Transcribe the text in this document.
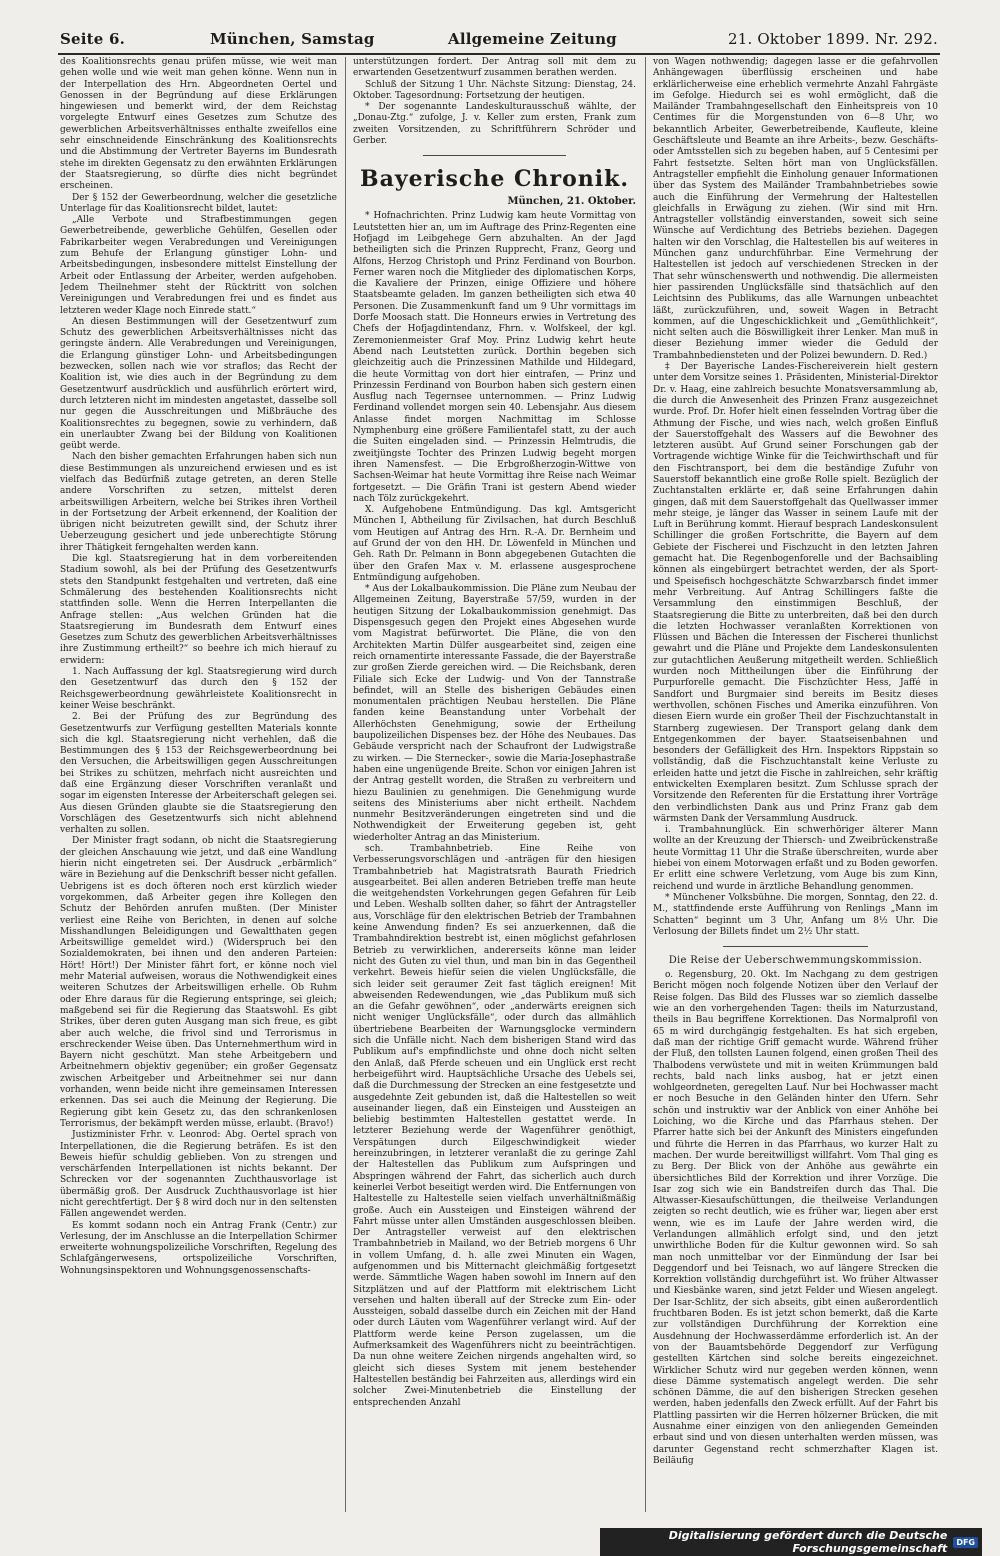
Seite 6.	München, Samstag	Allgemeine Zeitung	21. Oktober 1899. Nr. 292.

des Koalitionsrechts genau prüfen müsse, wie weit man gehen wolle und wie weit man gehen könne. Wenn nun in der Interpellation des Hrn. Abgeordneten Oertel und Genossen in der Begründung auf diese Erklärungen hingewiesen und bemerkt wird, der dem Reichstag vorgelegte Entwurf eines Gesetzes zum Schutze des gewerblichen Arbeitsverhältnisses enthalte zweifellos eine sehr einschneidende Einschränkung des Koalitionsrechts und die Abstimmung der Vertreter Bayerns im Bundesrath stehe im direkten Gegensatz zu den erwähnten Erklärungen der Staatsregierung, so dürfte dies nicht begründet erscheinen.

Der § 152 der Gewerbeordnung, welcher die gesetzliche Unterlage für das Koalitionsrecht bildet, lautet:

„Alle Verbote und Strafbestimmungen gegen Gewerbetreibende, gewerbliche Gehülfen, Gesellen oder Fabrikarbeiter wegen Verabredungen und Vereinigungen zum Behufe der Erlangung günstiger Lohn- und Arbeitsbedingungen, insbesondere mittelst Einstellung der Arbeit oder Entlassung der Arbeiter, werden aufgehoben. Jedem Theilnehmer steht der Rücktritt von solchen Vereinigungen und Verabredungen frei und es findet aus letzteren weder Klage noch Einrede statt.“

An diesen Bestimmungen will der Gesetzentwurf zum Schutz des gewerblichen Arbeitsverhältnisses nicht das geringste ändern. Alle Verabredungen und Vereinigungen, die Erlangung günstiger Lohn- und Arbeitsbedingungen bezwecken, sollen nach wie vor straflos; das Recht der Koalition ist, wie dies auch in der Begründung zu dem Gesetzentwurf ausdrücklich und ausführlich erörtert wird, durch letzteren nicht im mindesten angetastet, dasselbe soll nur gegen die Ausschreitungen und Mißbräuche des Koalitionsrechtes zu begegnen, sowie zu verhindern, daß ein unerlaubter Zwang bei der Bildung von Koalitionen geübt werde.

Nach den bisher gemachten Erfahrungen haben sich nun diese Bestimmungen als unzureichend erwiesen und es ist vielfach das Bedürfniß zutage getreten, an deren Stelle andere Vorschriften zu setzen, mittelst deren arbeitswilligen Arbeitern, welche bei Strikes ihren Vortheil in der Fortsetzung der Arbeit erkennend, der Koalition der übrigen nicht beizutreten gewillt sind, der Schutz ihrer Ueberzeugung gesichert und jede unberechtigte Störung ihrer Thätigkeit ferngehalten werden kann.

Die kgl. Staatsregierung hat in dem vorbereitenden Stadium sowohl, als bei der Prüfung des Gesetzentwurfs stets den Standpunkt festgehalten und vertreten, daß eine Schmälerung des bestehenden Koalitionsrechts nicht stattfinden solle. Wenn die Herren Interpellanten die Anfrage stellen: „Aus welchen Gründen hat die Staatsregierung im Bundesrath dem Entwurf eines Gesetzes zum Schutz des gewerblichen Arbeitsverhältnisses ihre Zustimmung ertheilt?“ so beehre ich mich hierauf zu erwidern:

1. Nach Auffassung der kgl. Staatsregierung wird durch den Gesetzentwurf das durch den § 152 der Reichsgewerbeordnung gewährleistete Koalitionsrecht in keiner Weise beschränkt.

2. Bei der Prüfung des zur Begründung des Gesetzentwurfs zur Verfügung gestellten Materials konnte sich die kgl. Staatsregierung nicht verhehlen, daß die Bestimmungen des § 153 der Reichsgewerbeordnung bei den Versuchen, die Arbeitswilligen gegen Ausschreitungen bei Strikes zu schützen, mehrfach nicht ausreichten und daß eine Ergänzung dieser Vorschriften veranlaßt und sogar im eigensten Interesse der Arbeiterschaft gelegen sei. Aus diesen Gründen glaubte sie die Staatsregierung den Vorschlägen des Gesetzentwurfs sich nicht ablehnend verhalten zu sollen.

Der Minister fragt sodann, ob nicht die Staatsregierung der gleichen Anschauung wie jetzt, und daß eine Wandlung hierin nicht eingetreten sei. Der Ausdruck „erbärmlich“ wäre in Beziehung auf die Denkschrift besser nicht gefallen. Uebrigens ist es doch öfteren noch erst kürzlich wieder vorgekommen, daß Arbeiter gegen ihre Kollegen den Schutz der Behörden anrufen mußten. (Der Minister verliest eine Reihe von Berichten, in denen auf solche Misshandlungen Beleidigungen und Gewaltthaten gegen Arbeitswillige gemeldet wird.) (Widerspruch bei den Sozialdemokraten, bei ihnen und den anderen Parteien: Hört! Hört!) Der Minister fährt fort, er könne noch viel mehr Material aufweisen, woraus die Nothwendigkeit eines weiteren Schutzes der Arbeitswilligen erhelle. Ob Ruhm oder Ehre daraus für die Regierung entspringe, sei gleich; maßgebend sei für die Regierung das Staatswohl. Es gibt Strikes, über deren guten Ausgang man sich freue, es gibt aber auch welche, die frivol sind und Terrorismus in erschreckender Weise üben. Das Unternehmerthum wird in Bayern nicht geschützt. Man stehe Arbeitgebern und Arbeitnehmern objektiv gegenüber; ein großer Gegensatz zwischen Arbeitgeber und Arbeitnehmer sei nur dann vorhanden, wenn beide nicht ihre gemeinsamen Interessen erkennen. Das sei auch die Meinung der Regierung. Die Regierung gibt kein Gesetz zu, das den schrankenlosen Terrorismus, der bekämpft werden müsse, erlaubt. (Bravo!)

Justizminister Frhr. v. Leonrod: Abg. Oertel sprach von Interpellationen, die die Regierung beträfen. Es ist den Beweis hiefür schuldig geblieben. Von zu strengen und verschärfenden Interpellationen ist nichts bekannt. Der Schrecken vor der sogenannten Zuchthausvorlage ist übermäßig groß. Der Ausdruck Zuchthausvorlage ist hier nicht gerechtfertigt. Der § 8 wird doch nur in den seltensten Fällen angewendet werden.

Es kommt sodann noch ein Antrag Frank (Centr.) zur Verlesung, der im Anschlusse an die Interpellation Schirmer erweiterte wohnungspolizeiliche Vorschriften, Regelung des Schlafgängerwesens, ortspolizeiliche Vorschriften, Wohnungsinspektoren und Wohnungsgenossenschafts-

unterstützungen fordert. Der Antrag soll mit dem zu erwartenden Gesetzentwurf zusammen berathen werden.

Schluß der Sitzung 1 Uhr. Nächste Sitzung: Dienstag, 24. Oktober. Tagesordnung: Fortsetzung der heutigen.

* Der sogenannte Landeskulturausschuß wählte, der „Donau-Ztg.“ zufolge, J. v. Keller zum ersten, Frank zum zweiten Vorsitzenden, zu Schriftführern Schröder und Gerber.

Bayerische Chronik.
München, 21. Oktober.

* Hofnachrichten. Prinz Ludwig kam heute Vormittag von Leutstetten hier an, um im Auftrage des Prinz-Regenten eine Hofjagd im Leibgehege Gern abzuhalten. An der Jagd betheiligten sich die Prinzen Rupprecht, Franz, Georg und Alfons, Herzog Christoph und Prinz Ferdinand von Bourbon. Ferner waren noch die Mitglieder des diplomatischen Korps, die Kavaliere der Prinzen, einige Offiziere und höhere Staatsbeamte geladen. Im ganzen betheiligten sich etwa 40 Personen. Die Zusammenkunft fand um 9 Uhr vormittags im Dorfe Moosach statt. Die Honneurs erwies in Vertretung des Chefs der Hofjagdintendanz, Fhrn. v. Wolfskeel, der kgl. Zeremonienmeister Graf Moy. Prinz Ludwig kehrt heute Abend nach Leutstetten zurück. Dorthin begeben sich gleichzeitig auch die Prinzessinen Mathilde und Hildegard, die heute Vormittag von dort hier eintrafen, — Prinz und Prinzessin Ferdinand von Bourbon haben sich gestern einen Ausflug nach Tegernsee unternommen. — Prinz Ludwig Ferdinand vollendet morgen sein 40. Lebensjahr. Aus diesem Anlasse findet morgen Nachmittag im Schlosse Nymphenburg eine größere Familientafel statt, zu der auch die Suiten eingeladen sind. — Prinzessin Helmtrudis, die zweitjüngste Tochter des Prinzen Ludwig begeht morgen ihren Namensfest. — Die Erbgroßherzogin-Wittwe von Sachsen-Weimar hat heute Vormittag ihre Reise nach Weimar fortgesetzt. — Die Gräfin Trani ist gestern Abend wieder nach Tölz zurückgekehrt.

X. Aufgehobene Entmündigung. Das kgl. Amtsgericht München I, Abtheilung für Zivilsachen, hat durch Beschluß vom Heutigen auf Antrag des Hrn. R.-A. Dr. Bernheim und auf Grund der von den HH. Dr. Löwenfeld in München und Geh. Rath Dr. Pelmann in Bonn abgegebenen Gutachten die über den Grafen Max v. M. erlassene ausgesprochene Entmündigung aufgehoben.

* Aus der Lokalbaukommission. Die Pläne zum Neubau der Allgemeinen Zeitung, Bayerstraße 57/59, wurden in der heutigen Sitzung der Lokalbaukommission genehmigt. Das Dispensgesuch gegen den Projekt eines Abgesehen wurde vom Magistrat befürwortet. Die Pläne, die von den Architekten Martin Dülfer ausgearbeitet sind, zeigen eine reich ornamentirte interessante Fassade, die der Bayerstraße zur großen Zierde gereichen wird. — Die Reichsbank, deren Filiale sich Ecke der Ludwig- und Von der Tannstraße befindet, will an Stelle des bisherigen Gebäudes einen monumentalen prächtigen Neubau herstellen. Die Pläne fanden keine Beanstandung unter Vorbehalt der Allerhöchsten Genehmigung, sowie der Ertheilung baupolizeilichen Dispenses bez. der Höhe des Neubaues. Das Gebäude verspricht nach der Schaufront der Ludwigstraße zu wirken. — Die Sternecker-, sowie die Maria-Josephastraße haben eine ungenügende Breite. Schon vor einigen Jahren ist der Antrag gestellt worden, die Straßen zu verbreitern und hiezu Baulinien zu genehmigen. Die Genehmigung wurde seitens des Ministeriums aber nicht ertheilt. Nachdem nunmehr Besitzveränderungen eingetreten sind und die Nothwendigkeit der Erweiterung gegeben ist, geht wiederholter Antrag an das Ministerium.

sch. Trambahnbetrieb. Eine Reihe von Verbesserungsvorschlägen und -anträgen für den hiesigen Trambahnbetrieb hat Magistratsrath Baurath Friedrich ausgearbeitet. Bei allen anderen Betrieben treffe man heute die weitgehendsten Vorkehrungen gegen Gefahren für Leib und Leben. Weshalb sollten daher, so fährt der Antragsteller aus, Vorschläge für den elektrischen Betrieb der Trambahnen keine Anwendung finden? Es sei anzuerkennen, daß die Trambahndirektion bestrebt ist, einen möglichst gefahrlosen Betrieb zu verwirklichen, andererseits könne man leider nicht des Guten zu viel thun, und man bin in das Gegentheil verkehrt. Beweis hiefür seien die vielen Unglücksfälle, die sich leider seit geraumer Zeit fast täglich ereignen! Mit abweisenden Redewendungen, wie „das Publikum muß sich an die Gefahr gewöhnen“, oder „anderwärts ereignen sich nicht weniger Unglücksfälle“, oder durch das allmählich übertriebene Bearbeiten der Warnungsglocke vermindern sich die Unfälle nicht. Nach dem bisherigen Stand wird das Publikum auf's empfindlichste und ohne doch nicht selten den Anlaß, daß Pferde scheuen und ein Unglück erst recht herbeigeführt wird. Hauptsächliche Ursache des Uebels sei, daß die Durchmessung der Strecken an eine festgesetzte und ausgedehnte Zeit gebunden ist, daß die Haltestellen so weit auseinander liegen, daß ein Einsteigen und Aussteigen an beliebig bestimmten Haltestellen gestattet werde. In letzterer Beziehung werde der Wagenführer genöthigt, Verspätungen durch Eilgeschwindigkeit wieder hereinzubringen, in letzterer veranlaßt die zu geringe Zahl der Haltestellen das Publikum zum Aufspringen und Abspringen während der Fahrt, das sicherlich auch durch keinerlei Verbot beseitigt werden wird. Die Entfernungen von Haltestelle zu Haltestelle seien vielfach unverhältnißmäßig große. Auch ein Aussteigen und Einsteigen während der Fahrt müsse unter allen Umständen ausgeschlossen bleiben. Der Antragsteller verweist auf den elektrischen Trambahnbetrieb in Mailand, wo der Betrieb morgens 6 Uhr in vollem Umfang, d. h. alle zwei Minuten ein Wagen, aufgenommen und bis Mitternacht gleichmäßig fortgesetzt werde. Sämmtliche Wagen haben sowohl im Innern auf den Sitzplätzen und auf der Plattform mit elektrischem Licht versehen und halten überall auf der Strecke zum Ein- oder Aussteigen, sobald dasselbe durch ein Zeichen mit der Hand oder durch Läuten vom Wagenführer verlangt wird. Auf der Plattform werde keine Person zugelassen, um die Aufmerksamkeit des Wagenführers nicht zu beeinträchtigen. Da nun ohne weitere Zeichen nirgends angehalten wird, so gleicht sich dieses System mit jenem bestehender Haltestellen beständig bei Fahrzeiten aus, allerdings wird ein solcher Zwei-Minutenbetrieb die Einstellung der entsprechenden Anzahl

von Wagen nothwendig; dagegen lasse er die gefahrvollen Anhängewagen überflüssig erscheinen und habe erklärlicherweise eine erheblich vermehrte Anzahl Fahrgäste im Gefolge. Hiedurch sei es wohl ermöglicht, daß die Mailänder Trambahngesellschaft den Einheitspreis von 10 Centimes für die Morgenstunden von 6—8 Uhr, wo bekanntlich Arbeiter, Gewerbetreibende, Kaufleute, kleine Geschäftsleute und Beamte an ihre Arbeits-, bezw. Geschäfts- oder Amtsstellen sich zu begeben haben, auf 5 Centesimi per Fahrt festsetzte. Selten hört man von Unglücksfällen. Antragsteller empfiehlt die Einholung genauer Informationen über das System des Mailänder Trambahnbetriebes sowie auch die Einführung der Vermehrung der Haltestellen gleichfalls in Erwägung zu ziehen. (Wir sind mit Hrn. Antragsteller vollständig einverstanden, soweit sich seine Wünsche auf Verdichtung des Betriebs beziehen. Dagegen halten wir den Vorschlag, die Haltestellen bis auf weiteres in München ganz undurchführbar. Eine Vermehrung der Haltestellen ist jedoch auf verschiedenen Strecken in der That sehr wünschenswerth und nothwendig. Die allermeisten hier passirenden Unglücksfälle sind thatsächlich auf den Leichtsinn des Publikums, das alle Warnungen unbeachtet läßt, zurückzuführen, und, soweit Wagen in Betracht kommen, auf die Ungeschicklichkeit und „Gemüthlichkeit“, nicht selten auch die Böswilligkeit ihrer Lenker. Man muß in dieser Beziehung immer wieder die Geduld der Trambahnbediensteten und der Polizei bewundern. D. Red.)

‡ Der Bayerische Landes-Fischereiverein hielt gestern unter dem Vorsitze seines 1. Präsidenten, Ministerial-Direktor Dr. v. Haag, eine zahlreich besuchte Monatsversammlung ab, die durch die Anwesenheit des Prinzen Franz ausgezeichnet wurde. Prof. Dr. Hofer hielt einen fesselnden Vortrag über die Athmung der Fische, und wies nach, welch großen Einfluß der Sauerstoffgehalt des Wassers auf die Bewohner des letzteren ausübt. Auf Grund seiner Forschungen gab der Vortragende wichtige Winke für die Teichwirthschaft und für den Fischtransport, bei dem die beständige Zufuhr von Sauerstoff bekanntlich eine große Rolle spielt. Bezüglich der Zuchtanstalten erklärte er, daß seine Erfahrungen dahin gingen, daß mit dem Sauerstoffgehalt das Quellwasser immer mehr steige, je länger das Wasser in seinem Laufe mit der Luft in Berührung kommt. Hierauf besprach Landeskonsulent Schillinger die großen Fortschritte, die Bayern auf dem Gebiete der Fischerei und Fischzucht in den letzten Jahren gemacht hat. Die Regenbogenforelle und der Bachsaibling können als eingebürgert betrachtet werden, der als Sport- und Speisefisch hochgeschätzte Schwarzbarsch findet immer mehr Verbreitung. Auf Antrag Schillingers faßte die Versammlung den einstimmigen Beschluß, der Staatsregierung die Bitte zu unterbreiten, daß bei den durch die letzten Hochwasser veranlaßten Korrektionen von Flüssen und Bächen die Interessen der Fischerei thunlichst gewahrt und die Pläne und Projekte dem Landeskonsulenten zur gutachtlichen Aeußerung mitgetheilt werden. Schließlich wurden noch Mittheilungen über die Einführung der Purpurforelle gemacht. Die Fischzüchter Hess, Jaffé in Sandfort und Burgmaier sind bereits im Besitz dieses werthvollen, schönen Fisches und Amerika einzuführen. Von diesen Eiern wurde ein großer Theil der Fischzuchtanstalt in Starnberg zugewiesen. Der Transport gelang dank dem Entgegenkommen der bayer. Staatseisenbahnen und besonders der Gefälligkeit des Hrn. Inspektors Rippstain so vollständig, daß die Fischzuchtanstalt keine Verluste zu erleiden hatte und jetzt die Fische in zahlreichen, sehr kräftig entwickelten Exemplaren besitzt. Zum Schlusse sprach der Vorsitzende den Referenten für die Erstattung ihrer Vorträge den verbindlichsten Dank aus und Prinz Franz gab dem wärmsten Dank der Versammlung Ausdruck.

i. Trambahnunglück. Ein schwerhöriger älterer Mann wollte an der Kreuzung der Thiersch- und Zweibrückenstraße heute Vormittag 11 Uhr die Straße überschreiten, wurde aber hiebei von einem Motorwagen erfaßt und zu Boden geworfen. Er erlitt eine schwere Verletzung, vom Auge bis zum Kinn, reichend und wurde in ärztliche Behandlung genommen.

* Münchener Volksbühne. Die morgen, Sonntag, den 22. d. M., stattfindende erste Aufführung von Renlings „Mann im Schatten“ beginnt um 3 Uhr, Anfang um 8½ Uhr. Die Verlosung der Billets findet um 2½ Uhr statt.

Die Reise der Ueberschwemmungskommission.

o. Regensburg, 20. Okt. Im Nachgang zu dem gestrigen Bericht mögen noch folgende Notizen über den Verlauf der Reise folgen. Das Bild des Flusses war so ziemlich dasselbe wie an den vorhergehenden Tagen: theils im Naturzustand, theils in Bau begriffene Korrektionen. Das Normalprofil von 65 m wird durchgängig festgehalten. Es hat sich ergeben, daß man der richtige Griff gemacht wurde. Während früher der Fluß, den tollsten Launen folgend, einen großen Theil des Thalbodens verwüstete und mit in weiten Krümmungen bald rechts, bald nach links ausbog, hat er jetzt einen wohlgeordneten, geregelten Lauf. Nur bei Hochwasser macht er noch Besuche in den Geländen hinter den Ufern. Sehr schön und instruktiv war der Anblick von einer Anhöhe bei Loiching, wo die Kirche und das Pfarrhaus stehen. Der Pfarrer hatte sich bei der Ankunft des Ministers eingefunden und führte die Herren in das Pfarrhaus, wo kurzer Halt zu machen. Der wurde bereitwilligst willfahrt. Vom Thal ging es zu Berg. Der Blick von der Anhöhe aus gewährte ein übersichtliches Bild der Korrektion und ihrer Vorzüge. Die Isar zog sich wie ein Bandstreifen durch das Thal. Die Altwasser-Kiesaufschüttungen, die theilweise Verlandungen zeigten so recht deutlich, wie es früher war, liegen aber erst wenn, wie es im Laufe der Jahre werden wird, die Verlandungen allmählich erfolgt sind, und den jetzt unwirthliche Boden für die Kultur gewonnen wird. So sah man noch unmittelbar vor der Einmündung der Isar bei Deggendorf und bei Teisnach, wo auf längere Strecken die Korrektion vollständig durchgeführt ist. Wo früher Altwasser und Kiesbänke waren, sind jetzt Felder und Wiesen angelegt. Der Isar-Schlitz, der sich abseits, gibt einen außerordentlich fruchtbaren Boden. Es ist jetzt schon bemerkt, daß die Karte zur vollständigen Durchführung der Korrektion eine Ausdehnung der Hochwasserdämme erforderlich ist. An der von der Bauamtsbehörde Deggendorf zur Verfügung gestellten Kärtchen sind solche bereits eingezeichnet. Wirklicher Schutz wird nur gegeben werden können, wenn diese Dämme systematisch angelegt werden. Die sehr schönen Dämme, die auf den bisherigen Strecken gesehen werden, haben jedenfalls den Zweck erfüllt. Auf der Fahrt bis Plattling passirten wir die Herren hölzerner Brücken, die mit Ausnahme einer einzigen von den anliegenden Gemeinden erbaut sind und von diesen unterhalten werden müssen, was darunter Gegenstand recht schmerzhafter Klagen ist. Beiläufig

Digitalisierung gefördert durch die Deutsche Forschungsgemeinschaft	DFG
